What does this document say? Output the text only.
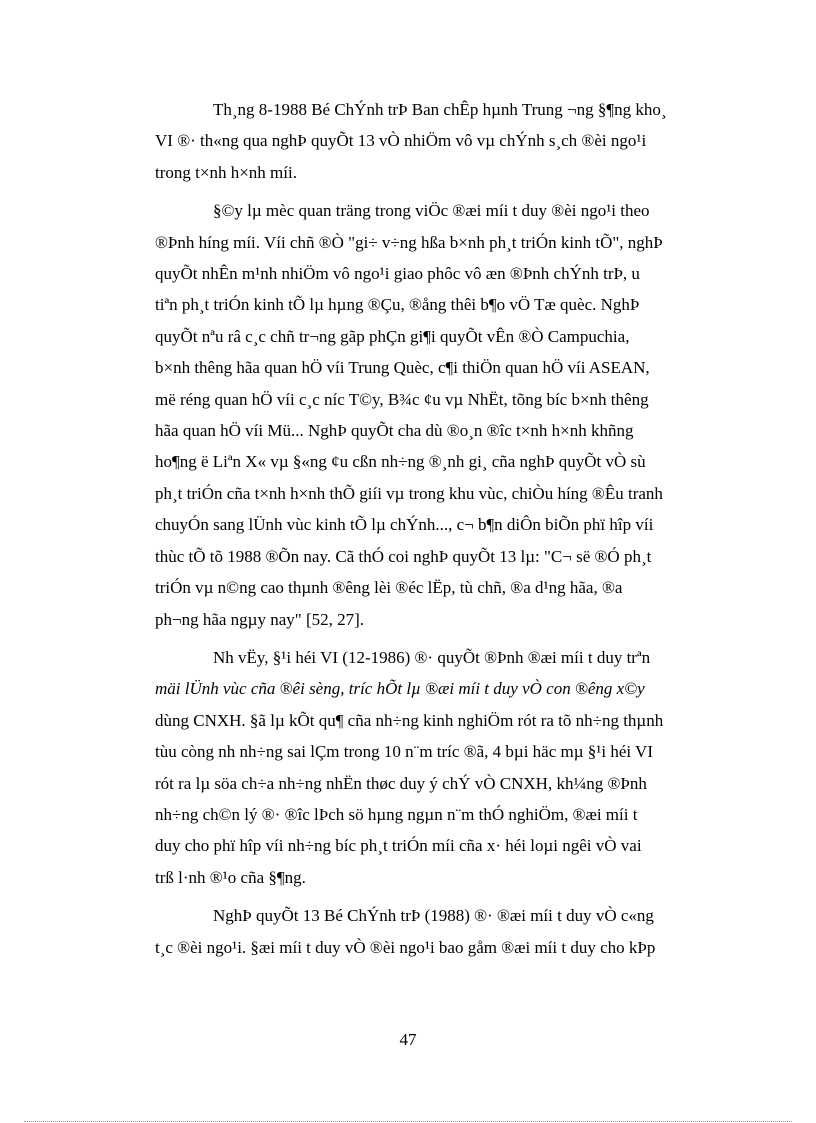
Th¸ng 8-1988 Bé ChÝnh trÞ Ban chÊp hµnh Trung ¬ng §¶ng kho¸
VI ®· th«ng qua nghÞ quyÕt 13 vÒ nhiÖm vô vµ chÝnh s¸ch ®èi ngo¹i
trong t×nh h×nh míi.

§©y lµ mèc quan träng trong viÖc ®æi míi t duy ®èi ngo¹i theo
®Þnh híng míi. Víi chñ ®Ò "gi÷ v÷ng hßa b×nh ph¸t triÓn kinh tÕ", nghÞ
quyÕt nhÊn m¹nh nhiÖm vô ngo¹i giao phôc vô æn ®Þnh chÝnh trÞ, u
tiªn ph¸t triÓn kinh tÕ lµ hµng ®Çu, ®ång thêi b¶o vÖ Tæ quèc. NghÞ
quyÕt nªu râ c¸c chñ tr¬ng gãp phÇn gi¶i quyÕt vÊn ®Ò Campuchia,
b×nh thêng hãa quan hÖ víi Trung Quèc, c¶i thiÖn quan hÖ víi ASEAN,
më réng quan hÖ víi c¸c níc T©y, B¾c ¢u vµ NhËt, tõng bíc b×nh thêng
hãa quan hÖ víi Mü... NghÞ quyÕt cha dù ®o¸n ®îc t×nh h×nh khñng
ho¶ng ë Liªn X« vµ §«ng ¢u cßn nh÷ng ®¸nh gi¸ cña nghÞ quyÕt vÒ sù
ph¸t triÓn cña t×nh h×nh thÕ giíi vµ trong khu vùc, chiÒu híng ®Êu tranh
chuyÓn sang lÜnh vùc kinh tÕ lµ chÝnh..., c¬ b¶n diÔn biÕn phï hîp víi
thùc tÕ tõ 1988 ®Õn nay. Cã thÓ coi nghÞ quyÕt 13 lµ: "C¬ së ®Ó ph¸t
triÓn vµ n©ng cao thµnh ®êng lèi ®éc lËp, tù chñ, ®a d¹ng hãa, ®a
ph¬ng hãa ngµy nay" [52, 27].

Nh vËy, §¹i héi VI (12-1986) ®· quyÕt ®Þnh ®æi míi t duy trªn
mäi lÜnh vùc cña ®êi sèng, tríc hÕt lµ ®æi míi t duy vÒ con ®êng x©y
dùng CNXH. §ã lµ kÕt qu¶ cña nh÷ng kinh nghiÖm rót ra tõ nh÷ng thµnh
tùu còng nh nh÷ng sai lÇm trong 10 n¨m tríc ®ã, 4 bµi häc mµ §¹i héi VI
rót ra lµ söa ch÷a nh÷ng nhËn thøc duy ý chÝ vÒ CNXH, kh¼ng ®Þnh
nh÷ng ch©n lý ®· ®îc lÞch sö hµng ngµn n¨m thÓ nghiÖm, ®æi míi t
duy cho phï hîp víi nh÷ng bíc ph¸t triÓn míi cña x· héi loµi ngêi vÒ vai
trß l·nh ®¹o cña §¶ng.

NghÞ quyÕt 13 Bé ChÝnh trÞ (1988) ®· ®æi míi t duy vÒ c«ng
t¸c ®èi ngo¹i. §æi míi t duy vÒ ®èi ngo¹i bao gåm ®æi míi t duy cho kÞp

47
